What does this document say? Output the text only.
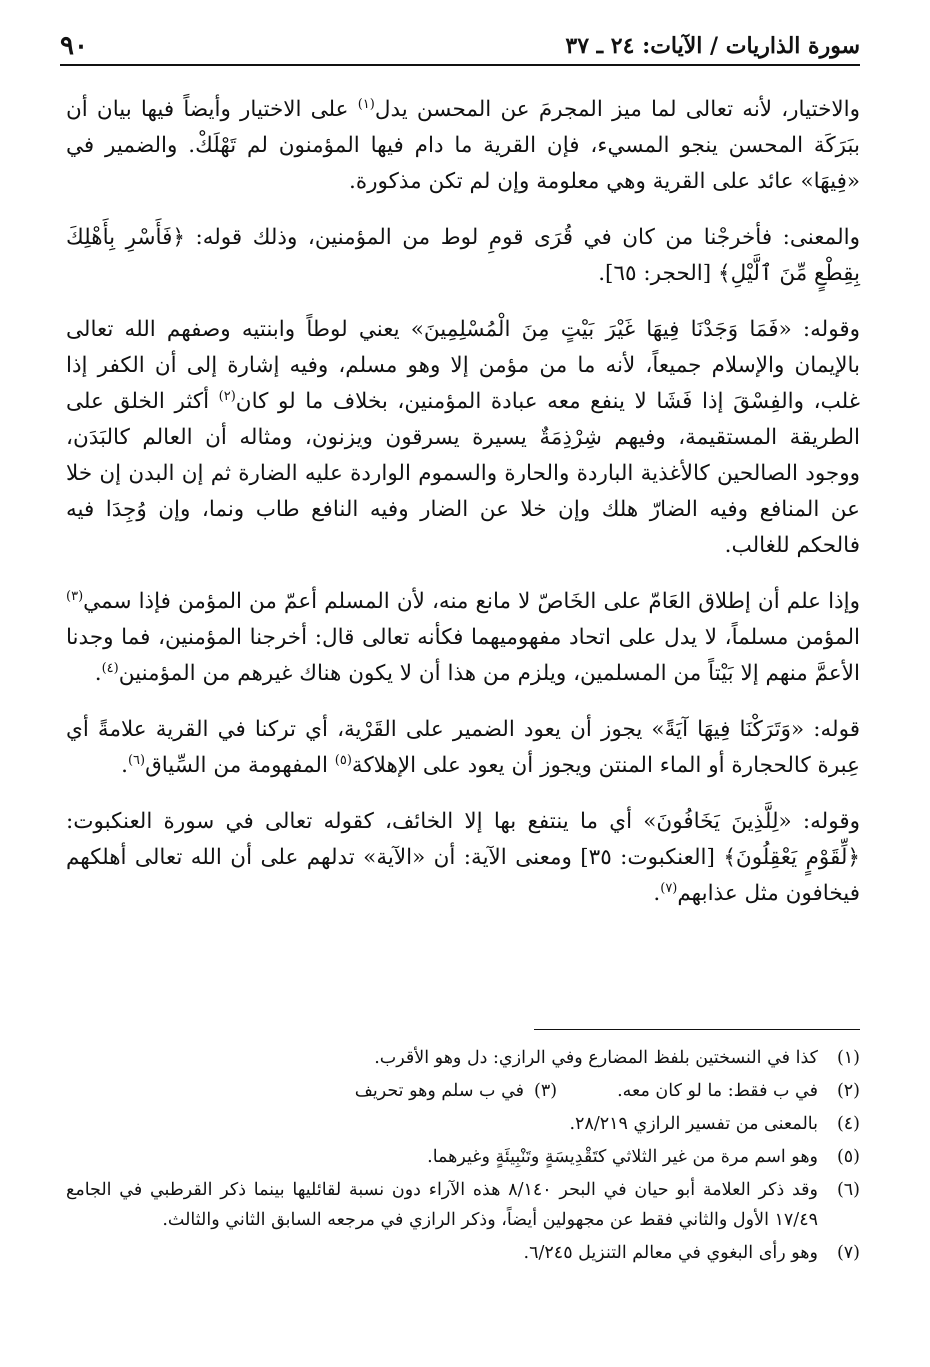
سورة الذاريات / الآيات: ٢٤ ـ ٣٧
٩٠

والاختيار، لأنه تعالى لما ميز المجرمَ عن المحسن يدل$^{(١)}$ على الاختيار وأيضاً فيها بيان أن ببَرَكَة المحسن ينجو المسيء، فإن القرية ما دام فيها المؤمنون لم تَهْلَكْ. والضمير في «فِيهَا» عائد على القرية وهي معلومة وإن لم تكن مذكورة.

والمعنى: فأخرجْنا من كان في قُرَى قومِ لوط من المؤمنين، وذلك قوله: ﴿فَأَسْرِ بِأَهْلِكَ بِقِطْعٍ مِّنَ ٱلَّيْلِ﴾ [الحجر: ٦٥].

وقوله: «فَمَا وَجَدْنَا فِيهَا غَيْرَ بَيْتٍ مِنَ الْمُسْلِمِينَ» يعني لوطاً وابنتيه وصفهم الله تعالى بالإيمان والإسلام جميعاً، لأنه ما من مؤمن إلا وهو مسلم، وفيه إشارة إلى أن الكفر إذا غلب، والفِسْقَ إذا فَشَا لا ينفع معه عبادة المؤمنين، بخلاف ما لو كان$^{(٢)}$ أكثر الخلق على الطريقة المستقيمة، وفيهم شِرْذِمَةٌ يسيرة يسرقون ويزنون، ومثاله أن العالم كالبَدَن، ووجود الصالحين كالأغذية الباردة والحارة والسموم الواردة عليه الضارة ثم إن البدن إن خلا عن المنافع وفيه الضارّ هلك وإن خلا عن الضار وفيه النافع طاب ونما، وإن وُجِدَا فيه فالحكم للغالب.

وإذا علم أن إطلاق العَامّ على الخَاصّ لا مانع منه، لأن المسلم أعمّ من المؤمن فإذا سمي$^{(٣)}$ المؤمن مسلماً، لا يدل على اتحاد مفهوميهما فكأنه تعالى قال: أخرجنا المؤمنين، فما وجدنا الأعمَّ منهم إلا بَيْتاً من المسلمين، ويلزم من هذا أن لا يكون هناك غيرهم من المؤمنين$^{(٤)}$.

قوله: «وَتَرَكْنَا فِيهَا آيَةً» يجوز أن يعود الضمير على القَرْية، أي تركنا في القرية علامةً أي عِبرة كالحجارة أو الماء المنتن ويجوز أن يعود على الإهلاكة$^{(٥)}$ المفهومة من السِّياق$^{(٦)}$.

وقوله: «لِلَّذِينَ يَخَافُونَ» أي ما ينتفع بها إلا الخائف، كقوله تعالى في سورة العنكبوت: ﴿لِّقَوْمٍ يَعْقِلُونَ﴾ [العنكبوت: ٣٥] ومعنى الآية: أن «الآية» تدلهم على أن الله تعالى أهلكهم فيخافون مثل عذابهم$^{(٧)}$.

(١)
كذا في النسختين بلفظ المضارع وفي الرازي: دل وهو الأقرب.
(٢)
في ب فقط: ما لو كان معه.
(٣)
في ب سلم وهو تحريف
(٤)
بالمعنى من تفسير الرازي ٢٨/٢١٩.
(٥)
وهو اسم مرة من غير الثلاثي كتَقْدِيسَةٍ وتَنْبِيئَةٍ وغيرهما.
(٦)
وقد ذكر العلامة أبو حيان في البحر ٨/١٤٠ هذه الآراء دون نسبة لقائليها بينما ذكر القرطبي في الجامع ١٧/٤٩ الأول والثاني فقط عن مجهولين أيضاً، وذكر الرازي في مرجعه السابق الثاني والثالث.
(٧)
وهو رأى البغوي في معالم التنزيل ٦/٢٤٥.
